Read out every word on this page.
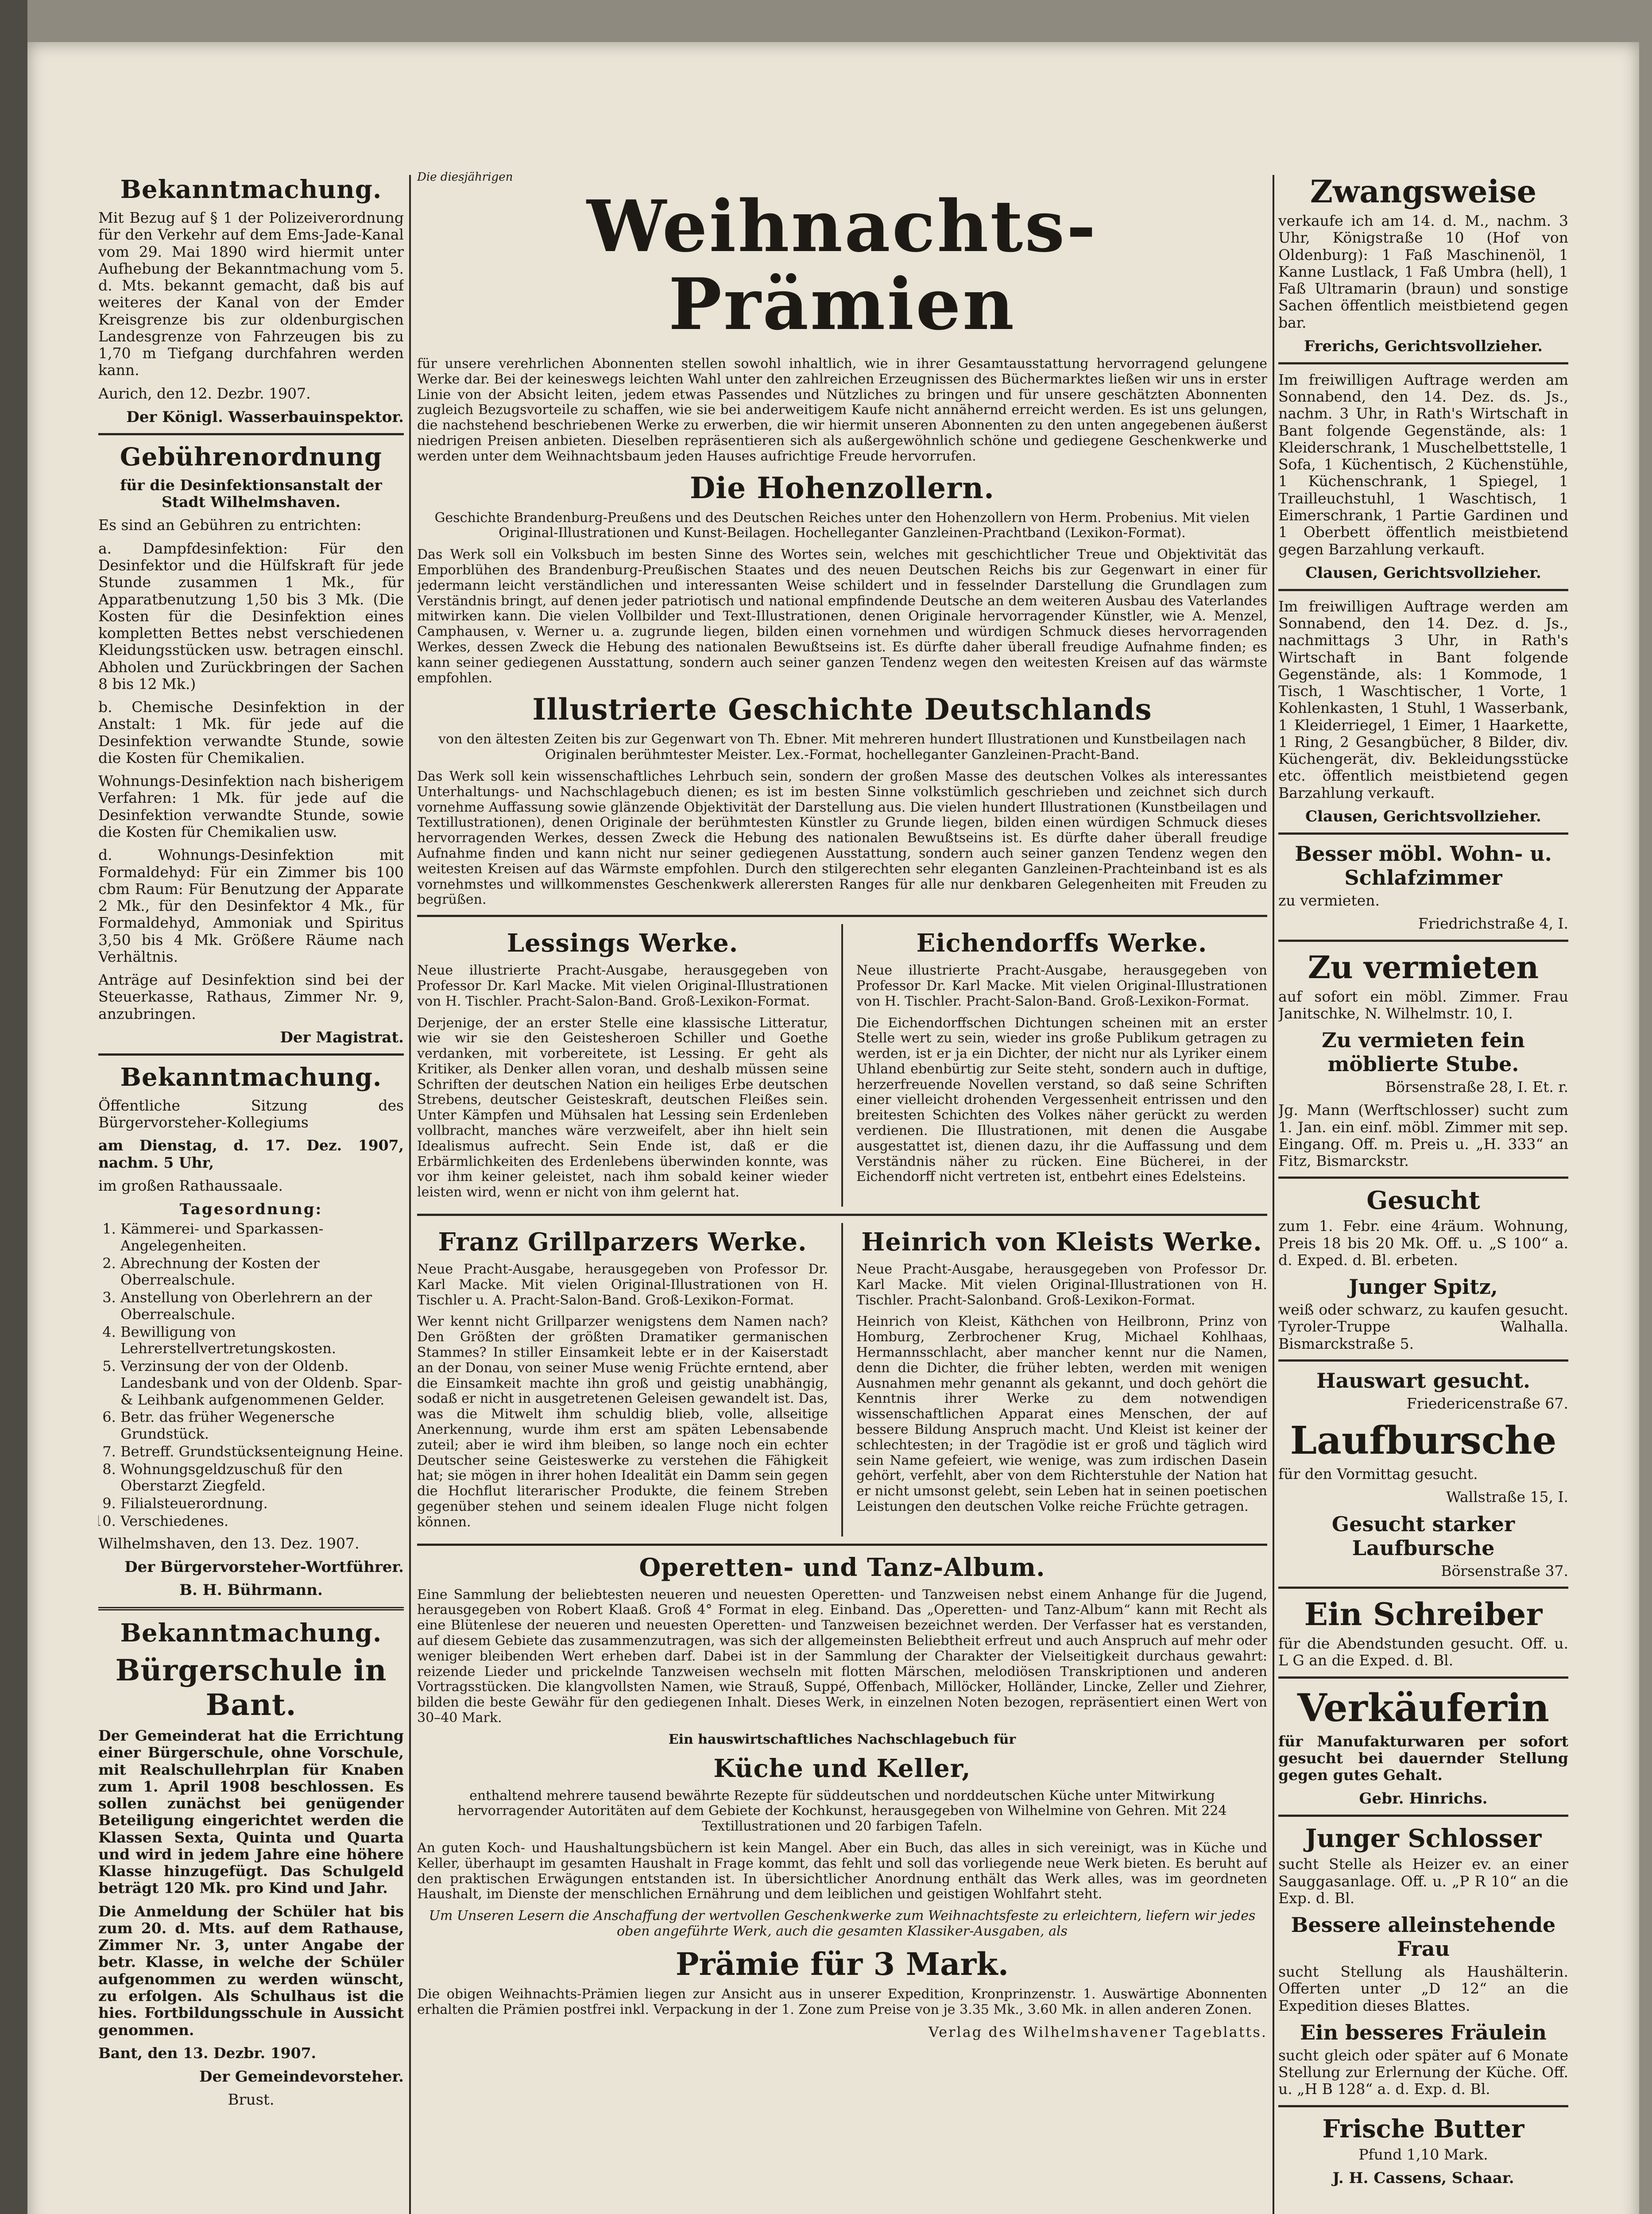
Bekanntmachung.

Mit Bezug auf § 1 der Polizeiverordnung für den Verkehr auf dem Ems-Jade-Kanal vom 29. Mai 1890 wird hiermit unter Aufhebung der Bekanntmachung vom 5. d. Mts. bekannt gemacht, daß bis auf weiteres der Kanal von der Emder Kreisgrenze bis zur oldenburgischen Landesgrenze von Fahrzeugen bis zu 1,70 m Tiefgang durchfahren werden kann.

Aurich, den 12. Dezbr. 1907.

Der Königl. Wasserbauinspektor.
Gebührenordnung

für die Desinfektionsanstalt der Stadt Wilhelmshaven.

Es sind an Gebühren zu entrichten:

a. Dampfdesinfektion: Für den Desinfektor und die Hülfskraft für jede Stunde zusammen 1 Mk., für Apparatbenutzung 1,50 bis 3 Mk. (Die Kosten für die Desinfektion eines kompletten Bettes nebst verschiedenen Kleidungsstücken usw. betragen einschl. Abholen und Zurückbringen der Sachen 8 bis 12 Mk.)

b. Chemische Desinfektion in der Anstalt: 1 Mk. für jede auf die Desinfektion verwandte Stunde, sowie die Kosten für Chemikalien.

Wohnungs-Desinfektion nach bisherigem Verfahren: 1 Mk. für jede auf die Desinfektion verwandte Stunde, sowie die Kosten für Chemikalien usw.

d. Wohnungs-Desinfektion mit Formaldehyd: Für ein Zimmer bis 100 cbm Raum: Für Benutzung der Apparate 2 Mk., für den Desinfektor 4 Mk., für Formaldehyd, Ammoniak und Spiritus 3,50 bis 4 Mk. Größere Räume nach Verhältnis.

Anträge auf Desinfektion sind bei der Steuerkasse, Rathaus, Zimmer Nr. 9, anzubringen.

Der Magistrat.
Bekanntmachung.

Öffentliche Sitzung des Bürgervorsteher-Kollegiums

am Dienstag, d. 17. Dez. 1907, nachm. 5 Uhr,

im großen Rathaussaale.

Tagesordnung:
1. Kämmerei- und Sparkassen-Angelegenheiten.
2. Abrechnung der Kosten der Oberrealschule.
3. Anstellung von Oberlehrern an der Oberrealschule.
4. Bewilligung von Lehrerstellvertretungskosten.
5. Verzinsung der von der Oldenb. Landesbank und von der Oldenb. Spar- & Leihbank aufgenommenen Gelder.
6. Betr. das früher Wegenersche Grundstück.
7. Betreff. Grundstücksenteignung Heine.
8. Wohnungsgeldzuschuß für den Oberstarzt Ziegfeld.
9. Filialsteuerordnung.
10. Verschiedenes.

Wilhelmshaven, den 13. Dez. 1907.

Der Bürgervorsteher-Wortführer.
B. H. Bührmann.
Bekanntmachung.
Bürgerschule in Bant.

Der Gemeinderat hat die Errichtung einer Bürgerschule, ohne Vorschule, mit Realschullehrplan für Knaben zum 1. April 1908 beschlossen. Es sollen zunächst bei genügender Beteiligung eingerichtet werden die Klassen Sexta, Quinta und Quarta und wird in jedem Jahre eine höhere Klasse hinzugefügt. Das Schulgeld beträgt 120 Mk. pro Kind und Jahr.

Die Anmeldung der Schüler hat bis zum 20. d. Mts. auf dem Rathause, Zimmer Nr. 3, unter Angabe der betr. Klasse, in welche der Schüler aufgenommen zu werden wünscht, zu erfolgen. Als Schulhaus ist die hies. Fortbildungsschule in Aussicht genommen.

Bant, den 13. Dezbr. 1907.

Der Gemeindevorsteher.
Brust.
Die diesjährigen
Weihnachts-Prämien

für unsere verehrlichen Abonnenten stellen sowohl inhaltlich, wie in ihrer Gesamtausstattung hervorragend gelungene Werke dar. Bei der keineswegs leichten Wahl unter den zahlreichen Erzeugnissen des Büchermarktes ließen wir uns in erster Linie von der Absicht leiten, jedem etwas Passendes und Nützliches zu bringen und für unsere geschätzten Abonnenten zugleich Bezugsvorteile zu schaffen, wie sie bei anderweitigem Kaufe nicht annähernd erreicht werden. Es ist uns gelungen, die nachstehend beschriebenen Werke zu erwerben, die wir hiermit unseren Abonnenten zu den unten angegebenen äußerst niedrigen Preisen anbieten. Dieselben repräsentieren sich als außergewöhnlich schöne und gediegene Geschenkwerke und werden unter dem Weihnachtsbaum jeden Hauses aufrichtige Freude hervorrufen.

Die Hohenzollern.

Geschichte Brandenburg-Preußens und des Deutschen Reiches unter den Hohenzollern von Herm. Probenius. Mit vielen Original-Illustrationen und Kunst-Beilagen. Hochelleganter Ganzleinen-Prachtband (Lexikon-Format).

Das Werk soll ein Volksbuch im besten Sinne des Wortes sein, welches mit geschichtlicher Treue und Objektivität das Emporblühen des Brandenburg-Preußischen Staates und des neuen Deutschen Reichs bis zur Gegenwart in einer für jedermann leicht verständlichen und interessanten Weise schildert und in fesselnder Darstellung die Grundlagen zum Verständnis bringt, auf denen jeder patriotisch und national empfindende Deutsche an dem weiteren Ausbau des Vaterlandes mitwirken kann. Die vielen Vollbilder und Text-Illustrationen, denen Originale hervorragender Künstler, wie A. Menzel, Camphausen, v. Werner u. a. zugrunde liegen, bilden einen vornehmen und würdigen Schmuck dieses hervorragenden Werkes, dessen Zweck die Hebung des nationalen Bewußtseins ist. Es dürfte daher überall freudige Aufnahme finden; es kann seiner gediegenen Ausstattung, sondern auch seiner ganzen Tendenz wegen den weitesten Kreisen auf das wärmste empfohlen.

Illustrierte Geschichte Deutschlands

von den ältesten Zeiten bis zur Gegenwart von Th. Ebner. Mit mehreren hundert Illustrationen und Kunstbeilagen nach Originalen berühmtester Meister. Lex.-Format, hochelleganter Ganzleinen-Pracht-Band.

Das Werk soll kein wissenschaftliches Lehrbuch sein, sondern der großen Masse des deutschen Volkes als interessantes Unterhaltungs- und Nachschlagebuch dienen; es ist im besten Sinne volkstümlich geschrieben und zeichnet sich durch vornehme Auffassung sowie glänzende Objektivität der Darstellung aus. Die vielen hundert Illustrationen (Kunstbeilagen und Textillustrationen), denen Originale der berühmtesten Künstler zu Grunde liegen, bilden einen würdigen Schmuck dieses hervorragenden Werkes, dessen Zweck die Hebung des nationalen Bewußtseins ist. Es dürfte daher überall freudige Aufnahme finden und kann nicht nur seiner gediegenen Ausstattung, sondern auch seiner ganzen Tendenz wegen den weitesten Kreisen auf das Wärmste empfohlen. Durch den stilgerechten sehr eleganten Ganzleinen-Prachteinband ist es als vornehmstes und willkommenstes Geschenkwerk allerersten Ranges für alle nur denkbaren Gelegenheiten mit Freuden zu begrüßen.

Lessings Werke.

Neue illustrierte Pracht-Ausgabe, herausgegeben von Professor Dr. Karl Macke. Mit vielen Original-Illustrationen von H. Tischler. Pracht-Salon-Band. Groß-Lexikon-Format.

Derjenige, der an erster Stelle eine klassische Litteratur, wie wir sie den Geistesheroen Schiller und Goethe verdanken, mit vorbereitete, ist Lessing. Er geht als Kritiker, als Denker allen voran, und deshalb müssen seine Schriften der deutschen Nation ein heiliges Erbe deutschen Strebens, deutscher Geisteskraft, deutschen Fleißes sein. Unter Kämpfen und Mühsalen hat Lessing sein Erdenleben vollbracht, manches wäre verzweifelt, aber ihn hielt sein Idealismus aufrecht. Sein Ende ist, daß er die Erbärmlichkeiten des Erdenlebens überwinden konnte, was vor ihm keiner geleistet, nach ihm sobald keiner wieder leisten wird, wenn er nicht von ihm gelernt hat.

Eichendorffs Werke.

Neue illustrierte Pracht-Ausgabe, herausgegeben von Professor Dr. Karl Macke. Mit vielen Original-Illustrationen von H. Tischler. Pracht-Salon-Band. Groß-Lexikon-Format.

Die Eichendorffschen Dichtungen scheinen mit an erster Stelle wert zu sein, wieder ins große Publikum getragen zu werden, ist er ja ein Dichter, der nicht nur als Lyriker einem Uhland ebenbürtig zur Seite steht, sondern auch in duftige, herzerfreuende Novellen verstand, so daß seine Schriften einer vielleicht drohenden Vergessenheit entrissen und den breitesten Schichten des Volkes näher gerückt zu werden verdienen. Die Illustrationen, mit denen die Ausgabe ausgestattet ist, dienen dazu, ihr die Auffassung und dem Verständnis näher zu rücken. Eine Bücherei, in der Eichendorff nicht vertreten ist, entbehrt eines Edelsteins.

Franz Grillparzers Werke.

Neue Pracht-Ausgabe, herausgegeben von Professor Dr. Karl Macke. Mit vielen Original-Illustrationen von H. Tischler u. A. Pracht-Salon-Band. Groß-Lexikon-Format.

Wer kennt nicht Grillparzer wenigstens dem Namen nach? Den Größten der größten Dramatiker germanischen Stammes? In stiller Einsamkeit lebte er in der Kaiserstadt an der Donau, von seiner Muse wenig Früchte erntend, aber die Einsamkeit machte ihn groß und geistig unabhängig, sodaß er nicht in ausgetretenen Geleisen gewandelt ist. Das, was die Mitwelt ihm schuldig blieb, volle, allseitige Anerkennung, wurde ihm erst am späten Lebensabende zuteil; aber ie wird ihm bleiben, so lange noch ein echter Deutscher seine Geisteswerke zu verstehen die Fähigkeit hat; sie mögen in ihrer hohen Idealität ein Damm sein gegen die Hochflut literarischer Produkte, die feinem Streben gegenüber stehen und seinem idealen Fluge nicht folgen können.

Heinrich von Kleists Werke.

Neue Pracht-Ausgabe, herausgegeben von Professor Dr. Karl Macke. Mit vielen Original-Illustrationen von H. Tischler. Pracht-Salonband. Groß-Lexikon-Format.

Heinrich von Kleist, Käthchen von Heilbronn, Prinz von Homburg, Zerbrochener Krug, Michael Kohlhaas, Hermannsschlacht, aber mancher kennt nur die Namen, denn die Dichter, die früher lebten, werden mit wenigen Ausnahmen mehr genannt als gekannt, und doch gehört die Kenntnis ihrer Werke zu dem notwendigen wissenschaftlichen Apparat eines Menschen, der auf bessere Bildung Anspruch macht. Und Kleist ist keiner der schlechtesten; in der Tragödie ist er groß und täglich wird sein Name gefeiert, wie wenige, was zum irdischen Dasein gehört, verfehlt, aber von dem Richterstuhle der Nation hat er nicht umsonst gelebt, sein Leben hat in seinen poetischen Leistungen den deutschen Volke reiche Früchte getragen.

Operetten- und Tanz-Album.

Eine Sammlung der beliebtesten neueren und neuesten Operetten- und Tanzweisen nebst einem Anhange für die Jugend, herausgegeben von Robert Klaaß. Groß 4° Format in eleg. Einband. Das „Operetten- und Tanz-Album“ kann mit Recht als eine Blütenlese der neueren und neuesten Operetten- und Tanzweisen bezeichnet werden. Der Verfasser hat es verstanden, auf diesem Gebiete das zusammenzutragen, was sich der allgemeinsten Beliebtheit erfreut und auch Anspruch auf mehr oder weniger bleibenden Wert erheben darf. Dabei ist in der Sammlung der Charakter der Vielseitigkeit durchaus gewahrt: reizende Lieder und prickelnde Tanzweisen wechseln mit flotten Märschen, melodiösen Transkriptionen und anderen Vortragsstücken. Die klangvollsten Namen, wie Strauß, Suppé, Offenbach, Millöcker, Holländer, Lincke, Zeller und Ziehrer, bilden die beste Gewähr für den gediegenen Inhalt. Dieses Werk, in einzelnen Noten bezogen, repräsentiert einen Wert von 30–40 Mark.

Ein hauswirtschaftliches Nachschlagebuch für

Küche und Keller,

enthaltend mehrere tausend bewährte Rezepte für süddeutschen und norddeutschen Küche unter Mitwirkung hervorragender Autoritäten auf dem Gebiete der Kochkunst, herausgegeben von Wilhelmine von Gehren. Mit 224 Textillustrationen und 20 farbigen Tafeln.

An guten Koch- und Haushaltungsbüchern ist kein Mangel. Aber ein Buch, das alles in sich vereinigt, was in Küche und Keller, überhaupt im gesamten Haushalt in Frage kommt, das fehlt und soll das vorliegende neue Werk bieten. Es beruht auf den praktischen Erwägungen entstanden ist. In übersichtlicher Anordnung enthält das Werk alles, was im geordneten Haushalt, im Dienste der menschlichen Ernährung und dem leiblichen und geistigen Wohlfahrt steht.

Um Unseren Lesern die Anschaffung der wertvollen Geschenkwerke zum Weihnachtsfeste zu erleichtern, liefern wir jedes oben angeführte Werk, auch die gesamten Klassiker-Ausgaben, als

Prämie für 3 Mark.

Die obigen Weihnachts-Prämien liegen zur Ansicht aus in unserer Expedition, Kronprinzenstr. 1. Auswärtige Abonnenten erhalten die Prämien postfrei inkl. Verpackung in der 1. Zone zum Preise von je 3.35 Mk., 3.60 Mk. in allen anderen Zonen.

Verlag des Wilhelmshavener Tageblatts.
Zwangsweise

verkaufe ich am 14. d. M., nachm. 3 Uhr, Königstraße 10 (Hof von Oldenburg): 1 Faß Maschinenöl, 1 Kanne Lustlack, 1 Faß Umbra (hell), 1 Faß Ultramarin (braun) und sonstige Sachen öffentlich meistbietend gegen bar.

Frerichs, Gerichtsvollzieher.

Im freiwilligen Auftrage werden am Sonnabend, den 14. Dez. ds. Js., nachm. 3 Uhr, in Rath's Wirtschaft in Bant folgende Gegenstände, als: 1 Kleiderschrank, 1 Muschelbettstelle, 1 Sofa, 1 Küchentisch, 2 Küchenstühle, 1 Küchenschrank, 1 Spiegel, 1 Trailleuchstuhl, 1 Waschtisch, 1 Eimerschrank, 1 Partie Gardinen und 1 Oberbett öffentlich meistbietend gegen Barzahlung verkauft.

Clausen, Gerichtsvollzieher.

Im freiwilligen Auftrage werden am Sonnabend, den 14. Dez. d. Js., nachmittags 3 Uhr, in Rath's Wirtschaft in Bant folgende Gegenstände, als: 1 Kommode, 1 Tisch, 1 Waschtischer, 1 Vorte, 1 Kohlenkasten, 1 Stuhl, 1 Wasserbank, 1 Kleiderriegel, 1 Eimer, 1 Haarkette, 1 Ring, 2 Gesangbücher, 8 Bilder, div. Küchengerät, div. Bekleidungsstücke etc. öffentlich meistbietend gegen Barzahlung verkauft.

Clausen, Gerichtsvollzieher.
Besser möbl. Wohn- u. Schlafzimmer

zu vermieten.

Friedrichstraße 4, I.

Zu vermieten

auf sofort ein möbl. Zimmer. Frau Janitschke, N. Wilhelmstr. 10, I.

Zu vermieten fein möblierte Stube.

Börsenstraße 28, I. Et. r.

Jg. Mann (Werftschlosser) sucht zum 1. Jan. ein einf. möbl. Zimmer mit sep. Eingang. Off. m. Preis u. „H. 333“ an Fitz, Bismarckstr.

Gesucht

zum 1. Febr. eine 4räum. Wohnung, Preis 18 bis 20 Mk. Off. u. „S 100“ a. d. Exped. d. Bl. erbeten.

Junger Spitz,

weiß oder schwarz, zu kaufen gesucht. Tyroler-Truppe Walhalla. Bismarckstraße 5.

Hauswart gesucht.

Friedericenstraße 67.

Laufbursche

für den Vormittag gesucht.

Wallstraße 15, I.

Gesucht starker Laufbursche

Börsenstraße 37.

Ein Schreiber

für die Abendstunden gesucht. Off. u. L G an die Exped. d. Bl.

Verkäuferin

für Manufakturwaren per sofort gesucht bei dauernder Stellung gegen gutes Gehalt.

Gebr. Hinrichs.
Junger Schlosser

sucht Stelle als Heizer ev. an einer Sauggasanlage. Off. u. „P R 10“ an die Exp. d. Bl.

Bessere alleinstehende Frau

sucht Stellung als Haushälterin. Offerten unter „D 12“ an die Expedition dieses Blattes.

Ein besseres Fräulein

sucht gleich oder später auf 6 Monate Stellung zur Erlernung der Küche. Off. u. „H B 128“ a. d. Exp. d. Bl.

Frische Butter

Pfund 1,10 Mark.

J. H. Cassens, Schaar.
